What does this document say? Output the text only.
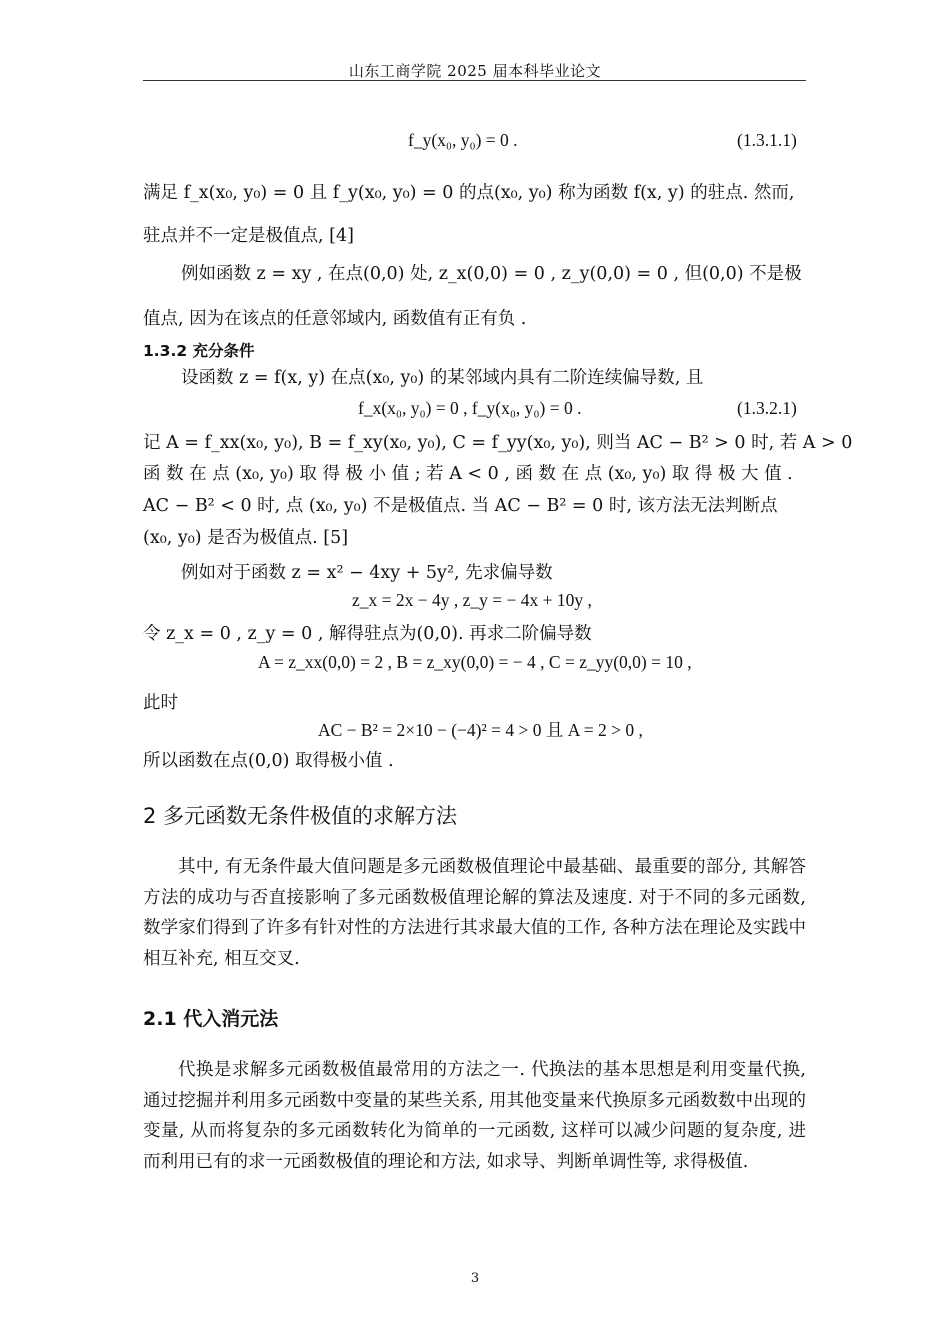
山东工商学院 2025 届本科毕业论文
f_y(x₀, y₀) = 0 .	(1.3.1.1)
满足 f_x(x₀, y₀) = 0 且 f_y(x₀, y₀) = 0 的点(x₀, y₀) 称为函数 f(x, y) 的驻点. 然而,
驻点并不一定是极值点, [4]
例如函数 z = xy , 在点(0,0) 处, z_x(0,0) = 0 , z_y(0,0) = 0 , 但(0,0) 不是极
值点, 因为在该点的任意邻域内, 函数值有正有负 .
1.3.2 充分条件
设函数 z = f(x, y) 在点(x₀, y₀) 的某邻域内具有二阶连续偏导数, 且
f_x(x₀, y₀) = 0 , f_y(x₀, y₀) = 0 .	(1.3.2.1)
记 A = f_xx(x₀, y₀), B = f_xy(x₀, y₀), C = f_yy(x₀, y₀), 则当 AC − B² > 0 时, 若 A > 0
函 数 在 点 (x₀, y₀) 取 得 极 小 值 ; 若 A < 0 , 函 数 在 点 (x₀, y₀) 取 得 极 大 值 .
AC − B² < 0 时, 点 (x₀, y₀) 不是极值点. 当 AC − B² = 0 时, 该方法无法判断点
(x₀, y₀) 是否为极值点. [5]
例如对于函数 z = x² − 4xy + 5y², 先求偏导数
z_x = 2x − 4y , z_y = − 4x + 10y ,
令 z_x = 0 , z_y = 0 , 解得驻点为(0,0). 再求二阶偏导数
A = z_xx(0,0) = 2 , B = z_xy(0,0) = − 4 , C = z_yy(0,0) = 10 ,
此时
AC − B² = 2×10 − (−4)² = 4 > 0 且 A = 2 > 0 ,
所以函数在点(0,0) 取得极小值 .
2 多元函数无条件极值的求解方法
其中, 有无条件最大值问题是多元函数极值理论中最基础、最重要的部分, 其解答方法的成功与否直接影响了多元函数极值理论解的算法及速度. 对于不同的多元函数, 数学家们得到了许多有针对性的方法进行其求最大值的工作, 各种方法在理论及实践中相互补充, 相互交叉.
2.1 代入消元法
代换是求解多元函数极值最常用的方法之一. 代换法的基本思想是利用变量代换, 通过挖掘并利用多元函数中变量的某些关系, 用其他变量来代换原多元函数数中出现的变量, 从而将复杂的多元函数转化为简单的一元函数, 这样可以减少问题的复杂度, 进而利用已有的求一元函数极值的理论和方法, 如求导、判断单调性等, 求得极值.
3
